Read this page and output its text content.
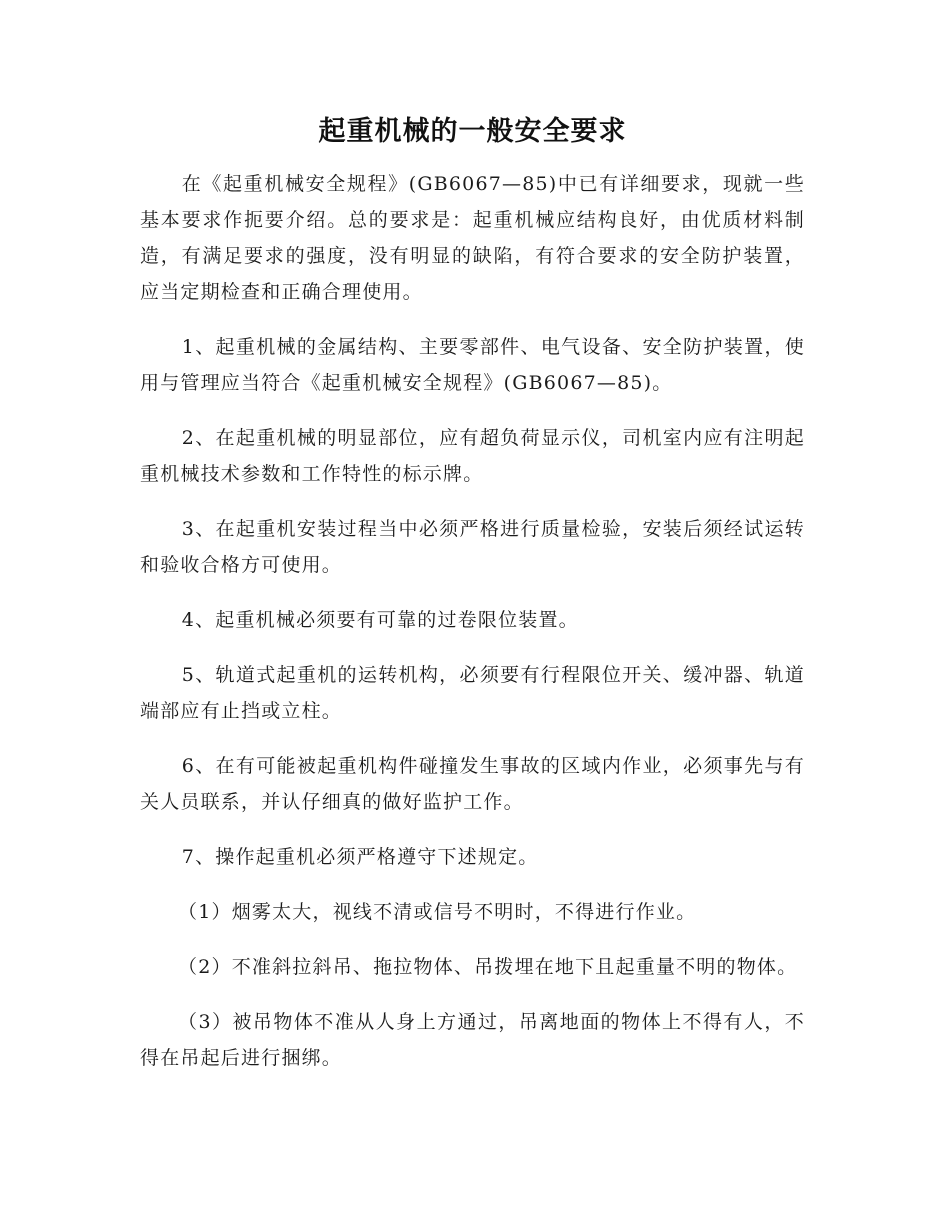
起重机械的一般安全要求

在《起重机械安全规程》(GB6067—85)中已有详细要求，现就一些基本要求作扼要介绍。总的要求是：起重机械应结构良好，由优质材料制造，有满足要求的强度，没有明显的缺陷，有符合要求的安全防护装置，应当定期检查和正确合理使用。

1、起重机械的金属结构、主要零部件、电气设备、安全防护装置，使用与管理应当符合《起重机械安全规程》(GB6067—85)。

2、在起重机械的明显部位，应有超负荷显示仪，司机室内应有注明起重机械技术参数和工作特性的标示牌。

3、在起重机安装过程当中必须严格进行质量检验，安装后须经试运转和验收合格方可使用。

4、起重机械必须要有可靠的过卷限位装置。

5、轨道式起重机的运转机构，必须要有行程限位开关、缓冲器、轨道端部应有止挡或立柱。

6、在有可能被起重机构件碰撞发生事故的区域内作业，必须事先与有关人员联系，并认仔细真的做好监护工作。

7、操作起重机必须严格遵守下述规定。

（1）烟雾太大，视线不清或信号不明时，不得进行作业。

（2）不准斜拉斜吊、拖拉物体、吊拨埋在地下且起重量不明的物体。

（3）被吊物体不准从人身上方通过，吊离地面的物体上不得有人，不得在吊起后进行捆绑。
